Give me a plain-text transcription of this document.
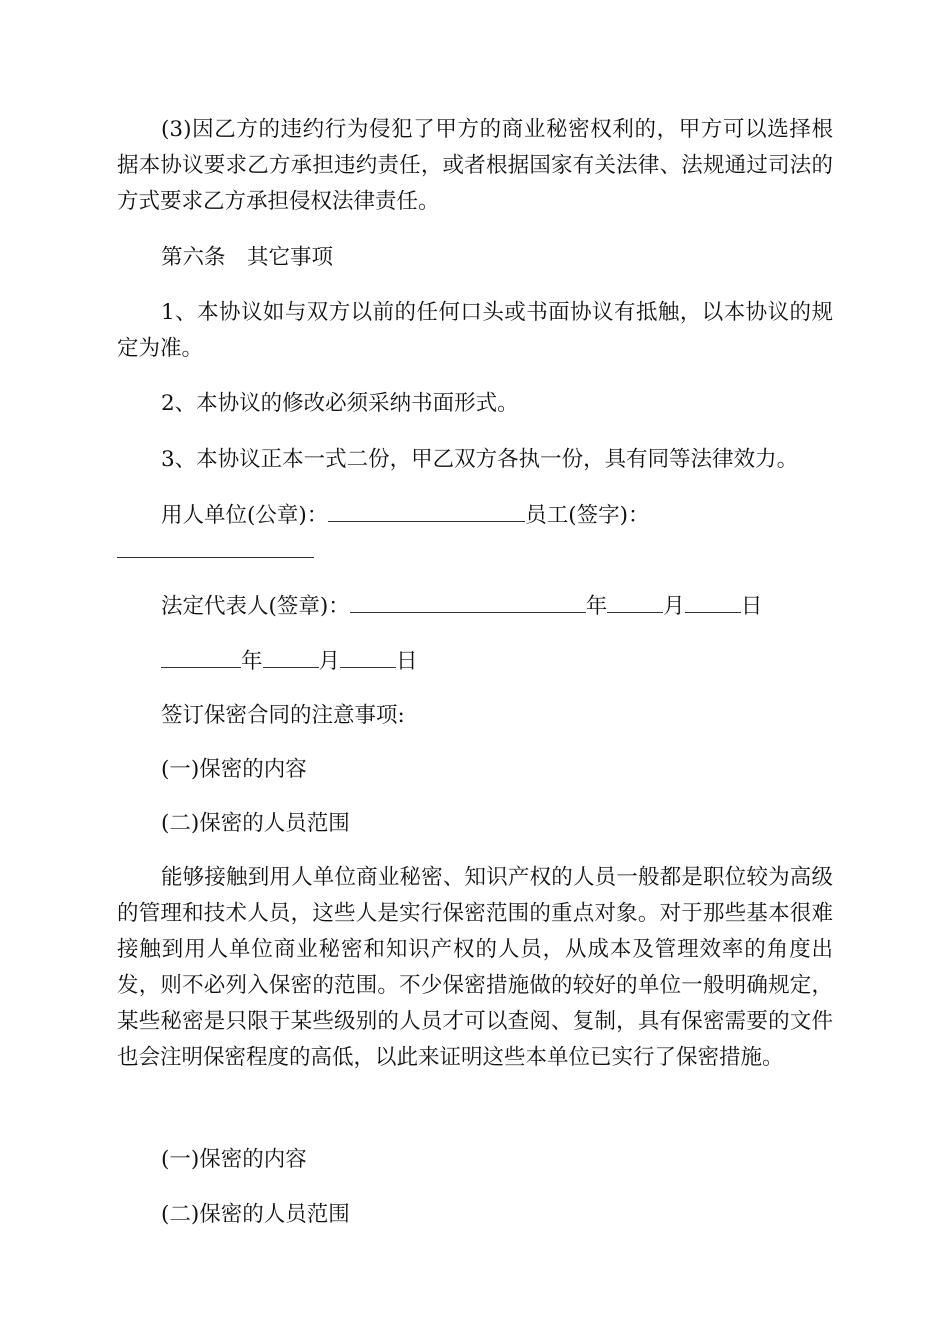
(3)因乙方的违约行为侵犯了甲方的商业秘密权利的，甲方可以选择根据本协议要求乙方承担违约责任，或者根据国家有关法律、法规通过司法的方式要求乙方承担侵权法律责任。

第六条　其它事项

1、本协议如与双方以前的任何口头或书面协议有抵触，以本协议的规定为准。

2、本协议的修改必须采纳书面形式。

3、本协议正本一式二份，甲乙双方各执一份，具有同等法律效力。

用人单位(公章)：	员工(签字)：
法定代表人(签章)：	年	月	日
年	月	日

签订保密合同的注意事项:

(一)保密的内容

(二)保密的人员范围

能够接触到用人单位商业秘密、知识产权的人员一般都是职位较为高级的管理和技术人员，这些人是实行保密范围的重点对象。对于那些基本很难接触到用人单位商业秘密和知识产权的人员，从成本及管理效率的角度出发，则不必列入保密的范围。不少保密措施做的较好的单位一般明确规定，某些秘密是只限于某些级别的人员才可以查阅、复制，具有保密需要的文件也会注明保密程度的高低，以此来证明这些本单位已实行了保密措施。

(一)保密的内容

(二)保密的人员范围
